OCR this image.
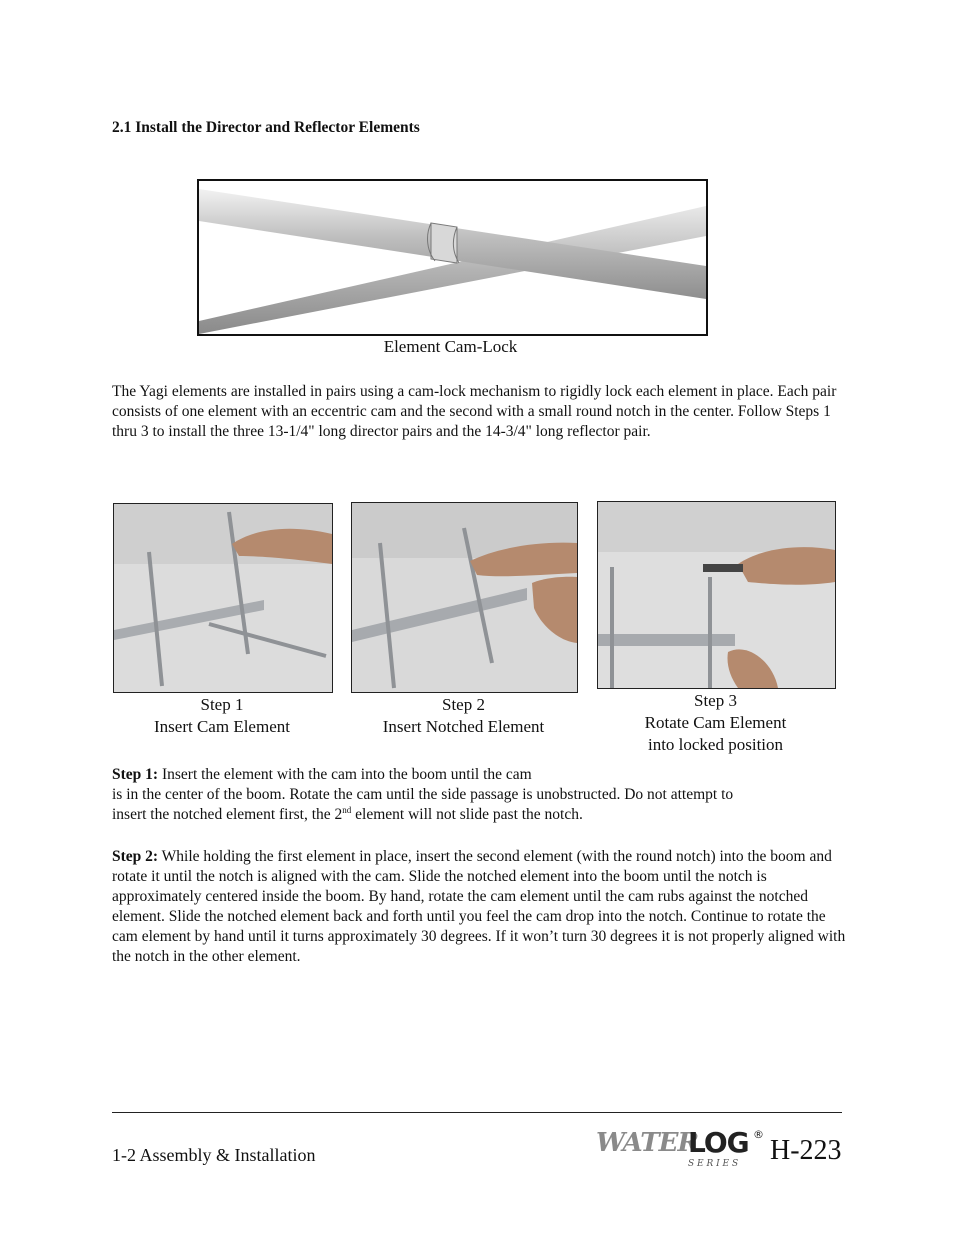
2.1 Install the Director and Reflector Elements
Element Cam-Lock
The Yagi elements are installed in pairs using a cam-lock mechanism to rigidly lock each element in place. Each pair consists of one element with an eccentric cam and the second with a small round notch in the center. Follow Steps 1 thru 3 to install the three 13-1/4" long director pairs and the 14-3/4" long reflector pair.
Step 1
Insert Cam Element
Step 2
Insert Notched Element
Step 3
Rotate Cam Element
into locked position
Step 1: Insert the element with the cam into the boom until the cam
is in the center of the boom. Rotate the cam until the side passage is unobstructed. Do not attempt to
insert the notched element first, the 2nd element will not slide past the notch.
Step 2: While holding the first element in place, insert the second element (with the round notch) into the boom and rotate it until the notch is aligned with the cam. Slide the notched element into the boom until the notch is approximately centered inside the boom. By hand, rotate the cam element until the cam rubs against the notched element. Slide the notched element back and forth until you feel the cam drop into the notch. Continue to rotate the cam element by hand until it turns approximately 30 degrees. If it won’t turn 30 degrees it is not properly aligned with the notch in the other element.
1-2 Assembly & Installation	WATER
LOG ®
S E R I E S H-223
